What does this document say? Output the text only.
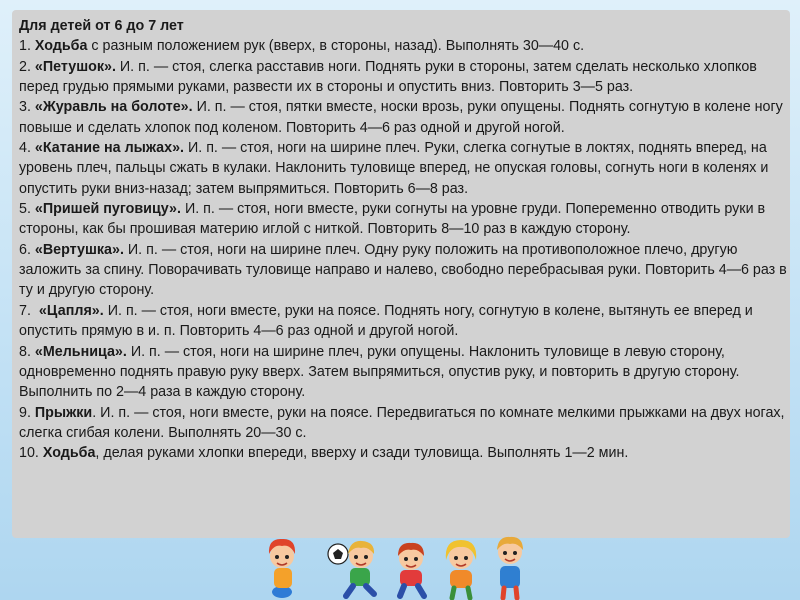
Для детей от 6 до 7 лет

1. Ходьба с разным положением рук (вверх, в стороны, назад). Выполнять 30—40 с.

2. «Петушок». И. п. — стоя, слегка расставив ноги. Поднять руки в стороны, затем сделать несколько хлопков перед грудью прямыми руками, развести их в стороны и опустить вниз. Повторить 3—5 раз.

3. «Журавль на болоте». И. п. — стоя, пятки вместе, носки врозь, руки опущены. Поднять согнутую в колене ногу повыше и сделать хлопок под коленом. Повторить 4—6 раз одной и другой ногой.

4. «Катание на лыжах». И. п. — стоя, ноги на ширине плеч. Руки, слегка согнутые в локтях, поднять вперед, на уровень плеч, пальцы сжать в кулаки. Наклонить туловище вперед, не опуская головы, согнуть ноги в коленях и опустить руки вниз-назад; затем выпрямиться. Повторить 6—8 раз.

5. «Пришей пуговицу». И. п. — стоя, ноги вместе, руки согнуты на уровне груди. Попеременно отводить руки в стороны, как бы прошивая материю иглой с ниткой. Повторить 8—10 раз в каждую сторону.

6. «Вертушка». И. п. — стоя, ноги на ширине плеч. Одну руку положить на противоположное плечо, другую заложить за спину. Поворачивать туловище направо и налево, свободно перебрасывая руки. Повторить 4—6 раз в ту и другую сторону.

7.  «Цапля». И. п. — стоя, ноги вместе, руки на поясе. Поднять ногу, согнутую в колене, вытянуть ее вперед и опустить прямую в и. п. Повторить 4—6 раз одной и другой ногой.

8. «Мельница». И. п. — стоя, ноги на ширине плеч, руки опущены. Наклонить туловище в левую сторону, одновременно поднять правую руку вверх. Затем выпрямиться, опустив руку, и повторить в другую сторону. Выполнить по 2—4 раза в каждую сторону.

9. Прыжки. И. п. — стоя, ноги вместе, руки на поясе. Передвигаться по комнате мелкими прыжками на двух ногах, слегка сгибая колени. Выполнять 20—30 с.

10. Ходьба, делая руками хлопки впереди, вверху и сзади туловища. Выполнять 1—2 мин.
